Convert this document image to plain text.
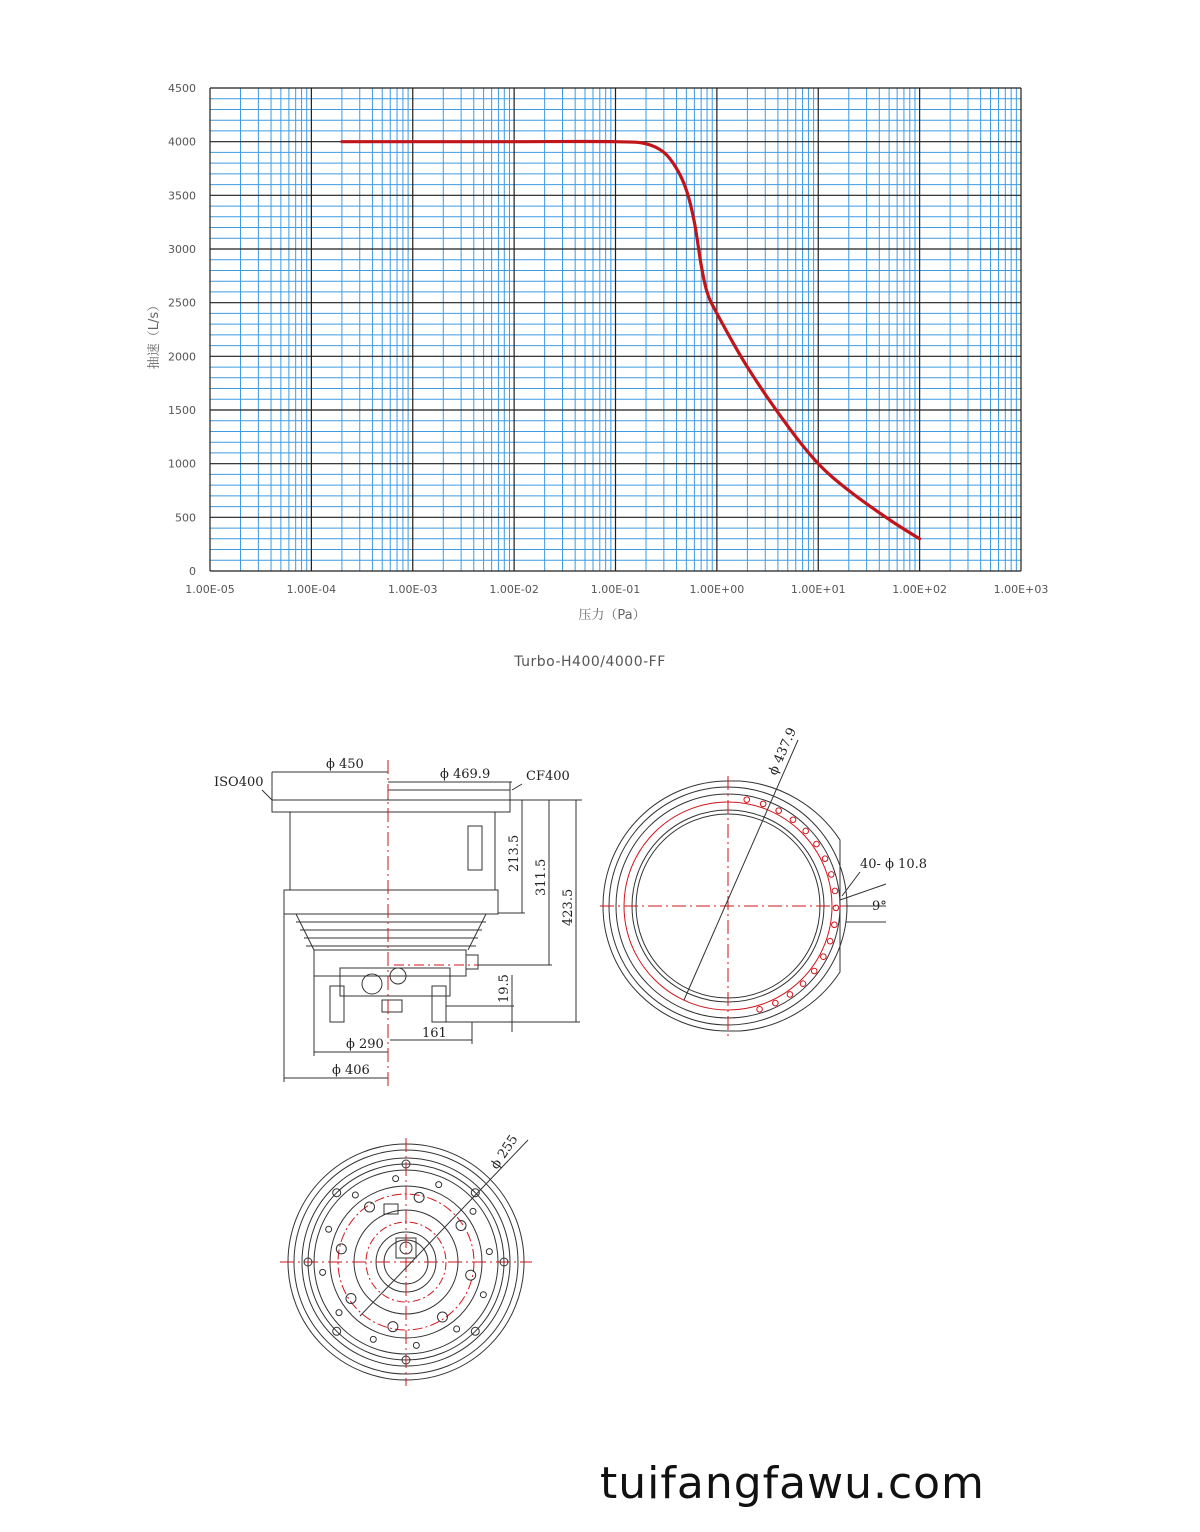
1.00E-05	1.00E-04	1.00E-03	1.00E-02	1.00E-01	1.00E+00	1.00E+01	1.00E+02	1.00E+03
0
500
1000
1500
2000
2500
3000
3500
4000
4500
抽速（L/s）
压力（Pa）
Turbo-H400/4000-FF
ISO400	CF400
ϕ 450
ϕ 469.9
213.5
311.5
423.5
19.5
161
ϕ 290
ϕ 406
ϕ 437.9
40- ϕ 10.8
9°
ϕ 255
tuifangfawu.com
